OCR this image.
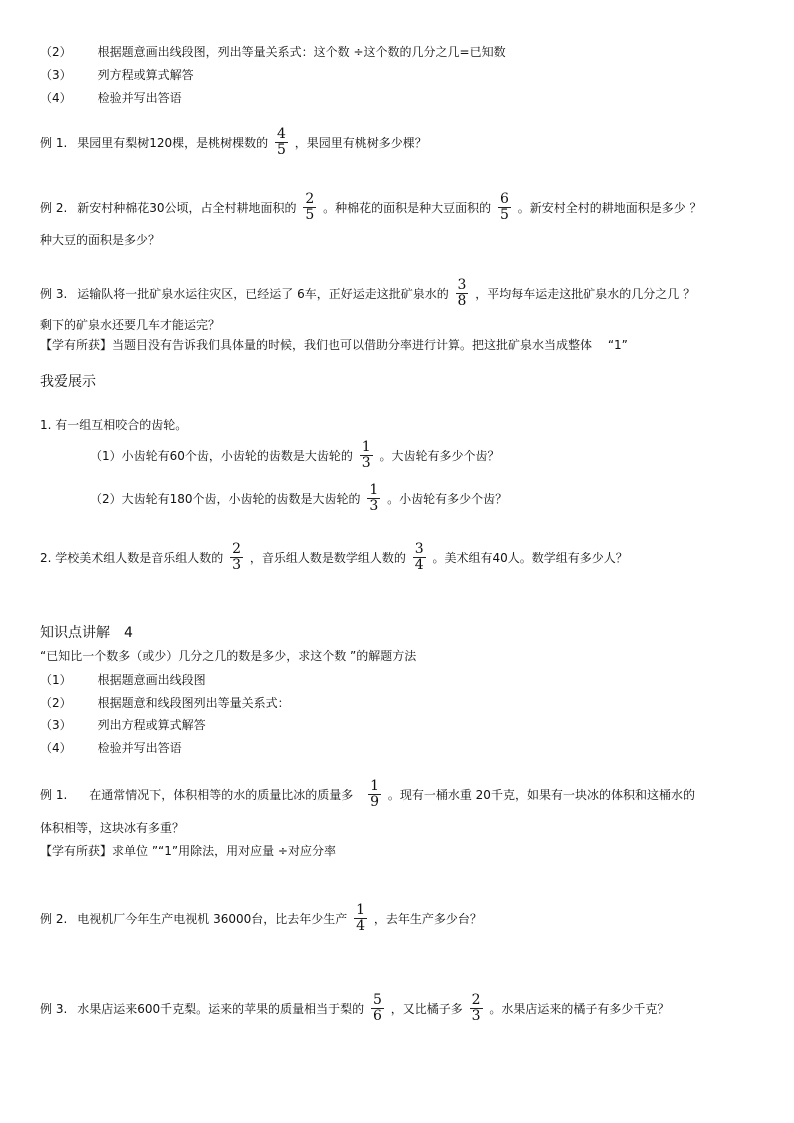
（2） 根据题意画出线段图，列出等量关系式：这个数 ÷这个数的几分之几=已知数
（3） 列方程或算式解答
（4） 检验并写出答语
例 1. 果园里有梨树120棵，是桃树棵数的 $\frac{4}{5}$ ，果园里有桃树多少棵？
例 2. 新安村种棉花30公顷，占全村耕地面积的 $\frac{2}{5}$ 。种棉花的面积是种大豆面积的 $\frac{6}{5}$ 。新安村全村的耕地面积是多少 ？
种大豆的面积是多少？
例 3. 运输队将一批矿泉水运往灾区，已经运了 6车，正好运走这批矿泉水的 $\frac{3}{8}$ ，平均每车运走这批矿泉水的几分之几 ？
剩下的矿泉水还要几车才能运完？
【学有所获】当题目没有告诉我们具体量的时候，我们也可以借助分率进行计算。把这批矿泉水当成整体　 “1”
我爱展示
1. 有一组互相咬合的齿轮。
（1）小齿轮有60个齿，小齿轮的齿数是大齿轮的 $\frac{1}{3}$ 。大齿轮有多少个齿？
（2）大齿轮有180个齿，小齿轮的齿数是大齿轮的 $\frac{1}{3}$ 。小齿轮有多少个齿？
2. 学校美术组人数是音乐组人数的 $\frac{2}{3}$ ，音乐组人数是数学组人数的 $\frac{3}{4}$ 。美术组有40人。数学组有多少人？
知识点讲解　4
“已知比一个数多（或少）几分之几的数是多少，求这个数 ”的解题方法
（1） 根据题意画出线段图
（2） 根据题意和线段图列出等量关系式：
（3） 列出方程或算式解答
（4） 检验并写出答语
例 1. 在通常情况下，体积相等的水的质量比冰的质量多 $\frac{1}{9}$ 。现有一桶水重 20千克，如果有一块冰的体积和这桶水的
体积相等，这块冰有多重？
【学有所获】求单位 ”“1”用除法，用对应量 ÷对应分率
例 2. 电视机厂今年生产电视机 36000台，比去年少生产 $\frac{1}{4}$ ，去年生产多少台？
例 3. 水果店运来600千克梨。运来的苹果的质量相当于梨的 $\frac{5}{6}$ ，又比橘子多 $\frac{2}{3}$ 。水果店运来的橘子有多少千克？
